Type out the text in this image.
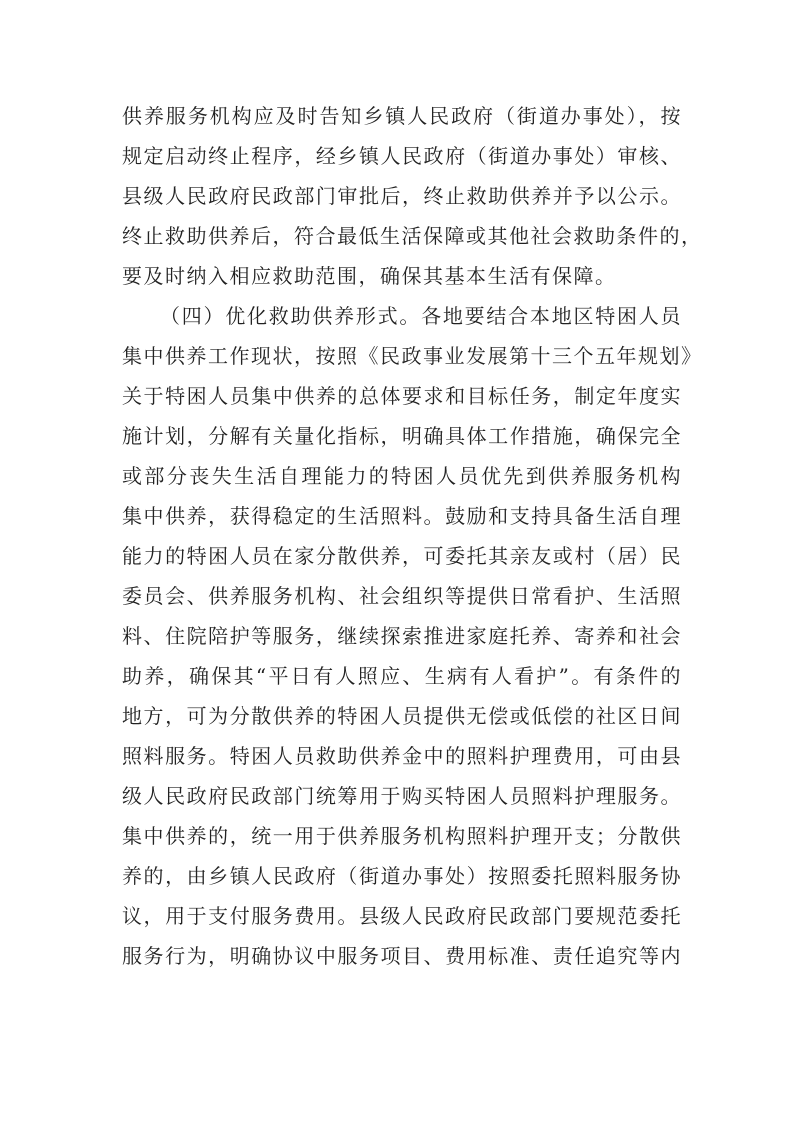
供养服务机构应及时告知乡镇人民政府（街道办事处），按
规定启动终止程序，经乡镇人民政府（街道办事处）审核、
县级人民政府民政部门审批后，终止救助供养并予以公示。
终止救助供养后，符合最低生活保障或其他社会救助条件的，
要及时纳入相应救助范围，确保其基本生活有保障。
（四）优化救助供养形式。各地要结合本地区特困人员
集中供养工作现状，按照《民政事业发展第十三个五年规划》
关于特困人员集中供养的总体要求和目标任务，制定年度实
施计划，分解有关量化指标，明确具体工作措施，确保完全
或部分丧失生活自理能力的特困人员优先到供养服务机构
集中供养，获得稳定的生活照料。鼓励和支持具备生活自理
能力的特困人员在家分散供养，可委托其亲友或村（居）民
委员会、供养服务机构、社会组织等提供日常看护、生活照
料、住院陪护等服务，继续探索推进家庭托养、寄养和社会
助养，确保其“平日有人照应、生病有人看护”。有条件的
地方，可为分散供养的特困人员提供无偿或低偿的社区日间
照料服务。特困人员救助供养金中的照料护理费用，可由县
级人民政府民政部门统筹用于购买特困人员照料护理服务。
集中供养的，统一用于供养服务机构照料护理开支；分散供
养的，由乡镇人民政府（街道办事处）按照委托照料服务协
议，用于支付服务费用。县级人民政府民政部门要规范委托
服务行为，明确协议中服务项目、费用标准、责任追究等内
